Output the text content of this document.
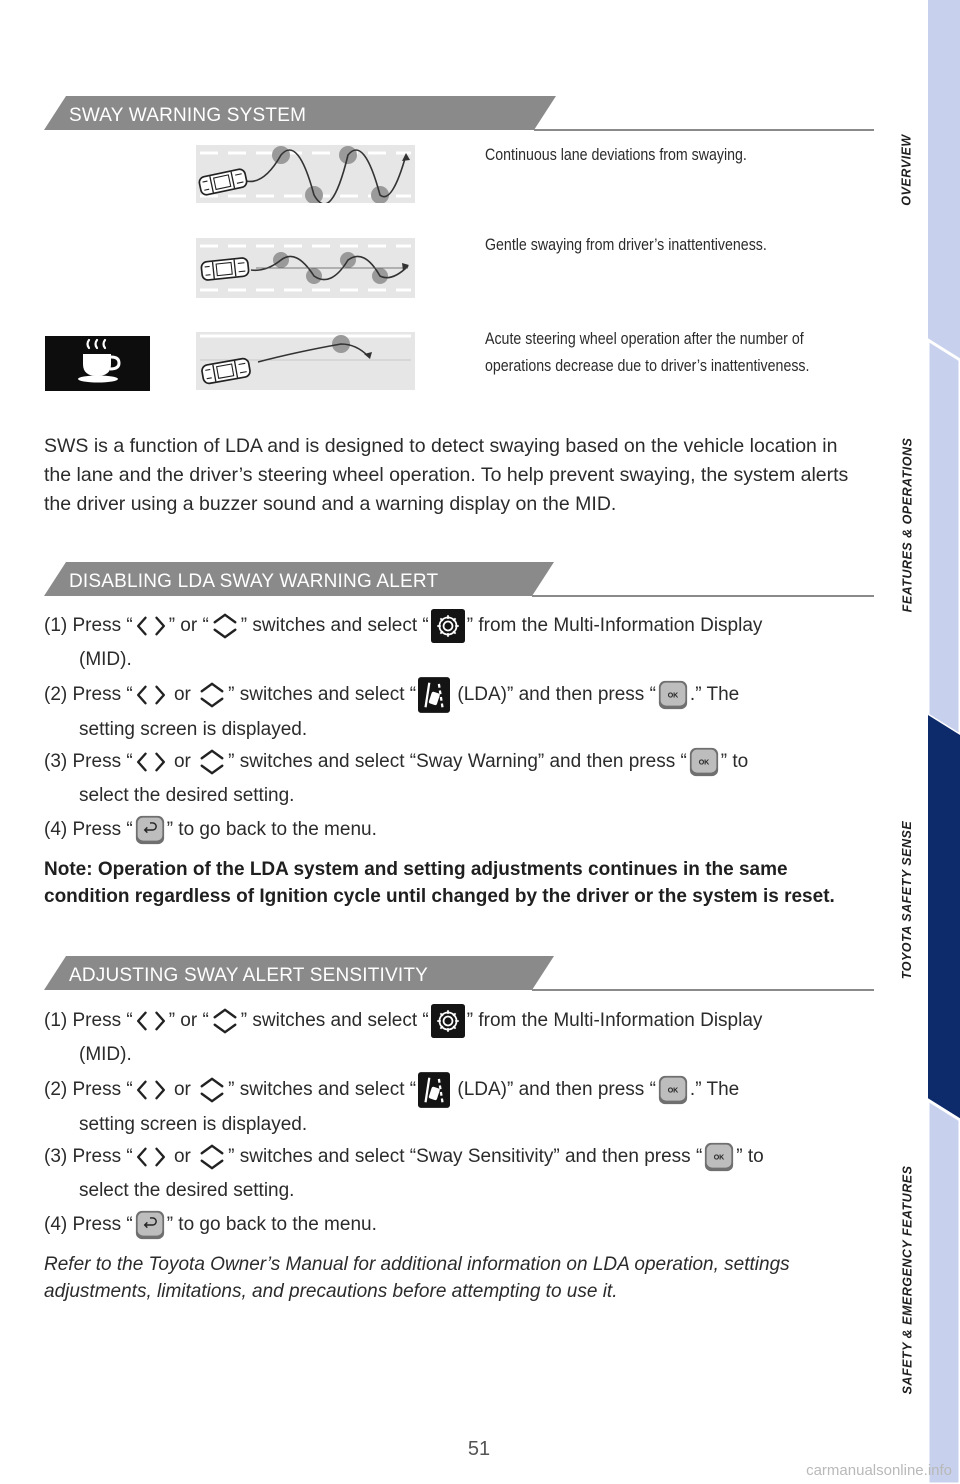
OVERVIEW
FEATURES & OPERATIONS
TOYOTA SAFETY SENSE
SAFETY & EMERGENCY FEATURES
SWAY WARNING SYSTEM
Continuous lane deviations from swaying.
Gentle swaying from driver’s inattentiveness.
Acute steering wheel operation after the number of operations decrease due to driver’s inattentiveness.
SWS is a function of LDA and is designed to detect swaying based on the vehicle location in the lane and the driver’s steering wheel operation. To help prevent swaying, the system alerts the driver using a buzzer sound and a warning display on the MID.
DISABLING LDA SWAY WARNING ALERT
(1) Press “ ” or “ ” switches and select “ ” from the Multi-Information Display
(MID).
(2) Press “ or ” switches and select “ (LDA)” and then press “ .” The
setting screen is displayed.
(3) Press “ or ” switches and select “Sway Warning” and then press “ ” to
select the desired setting.
(4) Press “ ” to go back to the menu.
Note: Operation of the LDA system and setting adjustments continues in the same condition regardless of Ignition cycle until changed by the driver or the system is reset.
ADJUSTING SWAY ALERT SENSITIVITY
(1) Press “ ” or “ ” switches and select “ ” from the Multi-Information Display
(MID).
(2) Press “ or ” switches and select “ (LDA)” and then press “ .” The
setting screen is displayed.
(3) Press “ or ” switches and select “Sway Sensitivity” and then press “ ” to
select the desired setting.
(4) Press “ ” to go back to the menu.
Refer to the Toyota Owner’s Manual for additional information on LDA operation, settings adjustments, limitations, and precautions before attempting to use it.
51
carmanualsonline.info
